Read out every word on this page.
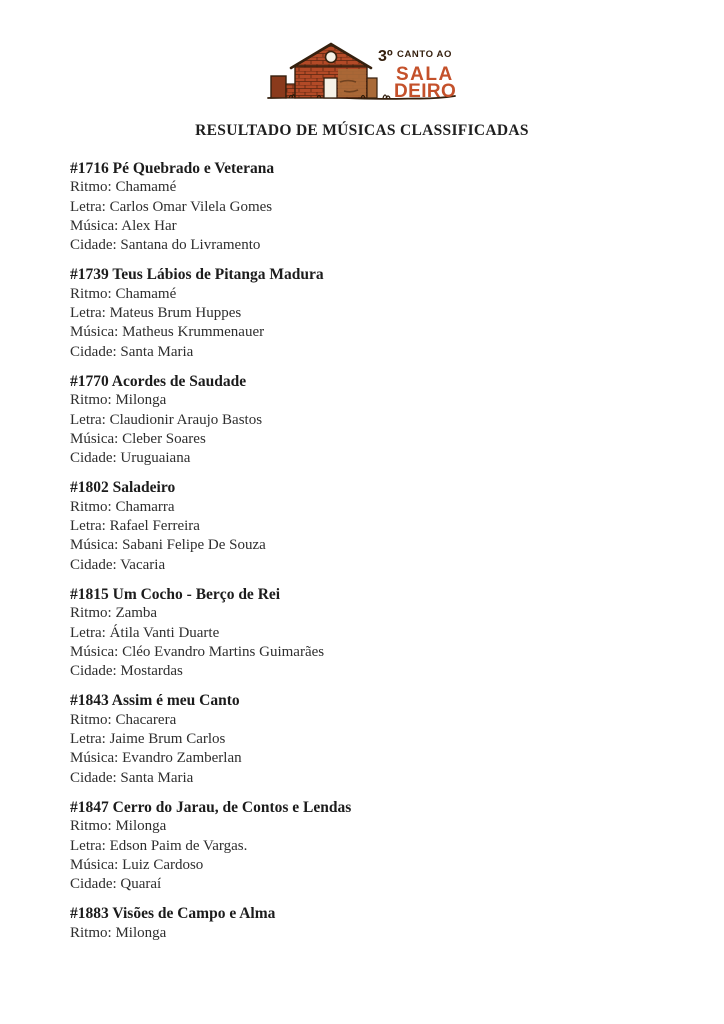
3º CANTO AO
SALA
DEIRO
RESULTADO DE MÚSICAS CLASSIFICADAS
#1716 Pé Quebrado e Veterana
Ritmo: Chamamé
Letra: Carlos Omar Vilela Gomes
Música: Alex Har
Cidade: Santana do Livramento
#1739 Teus Lábios de Pitanga Madura
Ritmo: Chamamé
Letra: Mateus Brum Huppes
Música: Matheus Krummenauer
Cidade: Santa Maria
#1770 Acordes de Saudade
Ritmo: Milonga
Letra: Claudionir Araujo Bastos
Música: Cleber Soares
Cidade: Uruguaiana
#1802 Saladeiro
Ritmo: Chamarra
Letra: Rafael Ferreira
Música: Sabani Felipe De Souza
Cidade: Vacaria
#1815 Um Cocho - Berço de Rei
Ritmo: Zamba
Letra: Átila Vanti Duarte
Música: Cléo Evandro Martins Guimarães
Cidade: Mostardas
#1843 Assim é meu Canto
Ritmo: Chacarera
Letra: Jaime Brum Carlos
Música: Evandro Zamberlan
Cidade: Santa Maria
#1847 Cerro do Jarau, de Contos e Lendas
Ritmo: Milonga
Letra: Edson Paim de Vargas.
Música: Luiz Cardoso
Cidade: Quaraí
#1883 Visões de Campo e Alma
Ritmo: Milonga
